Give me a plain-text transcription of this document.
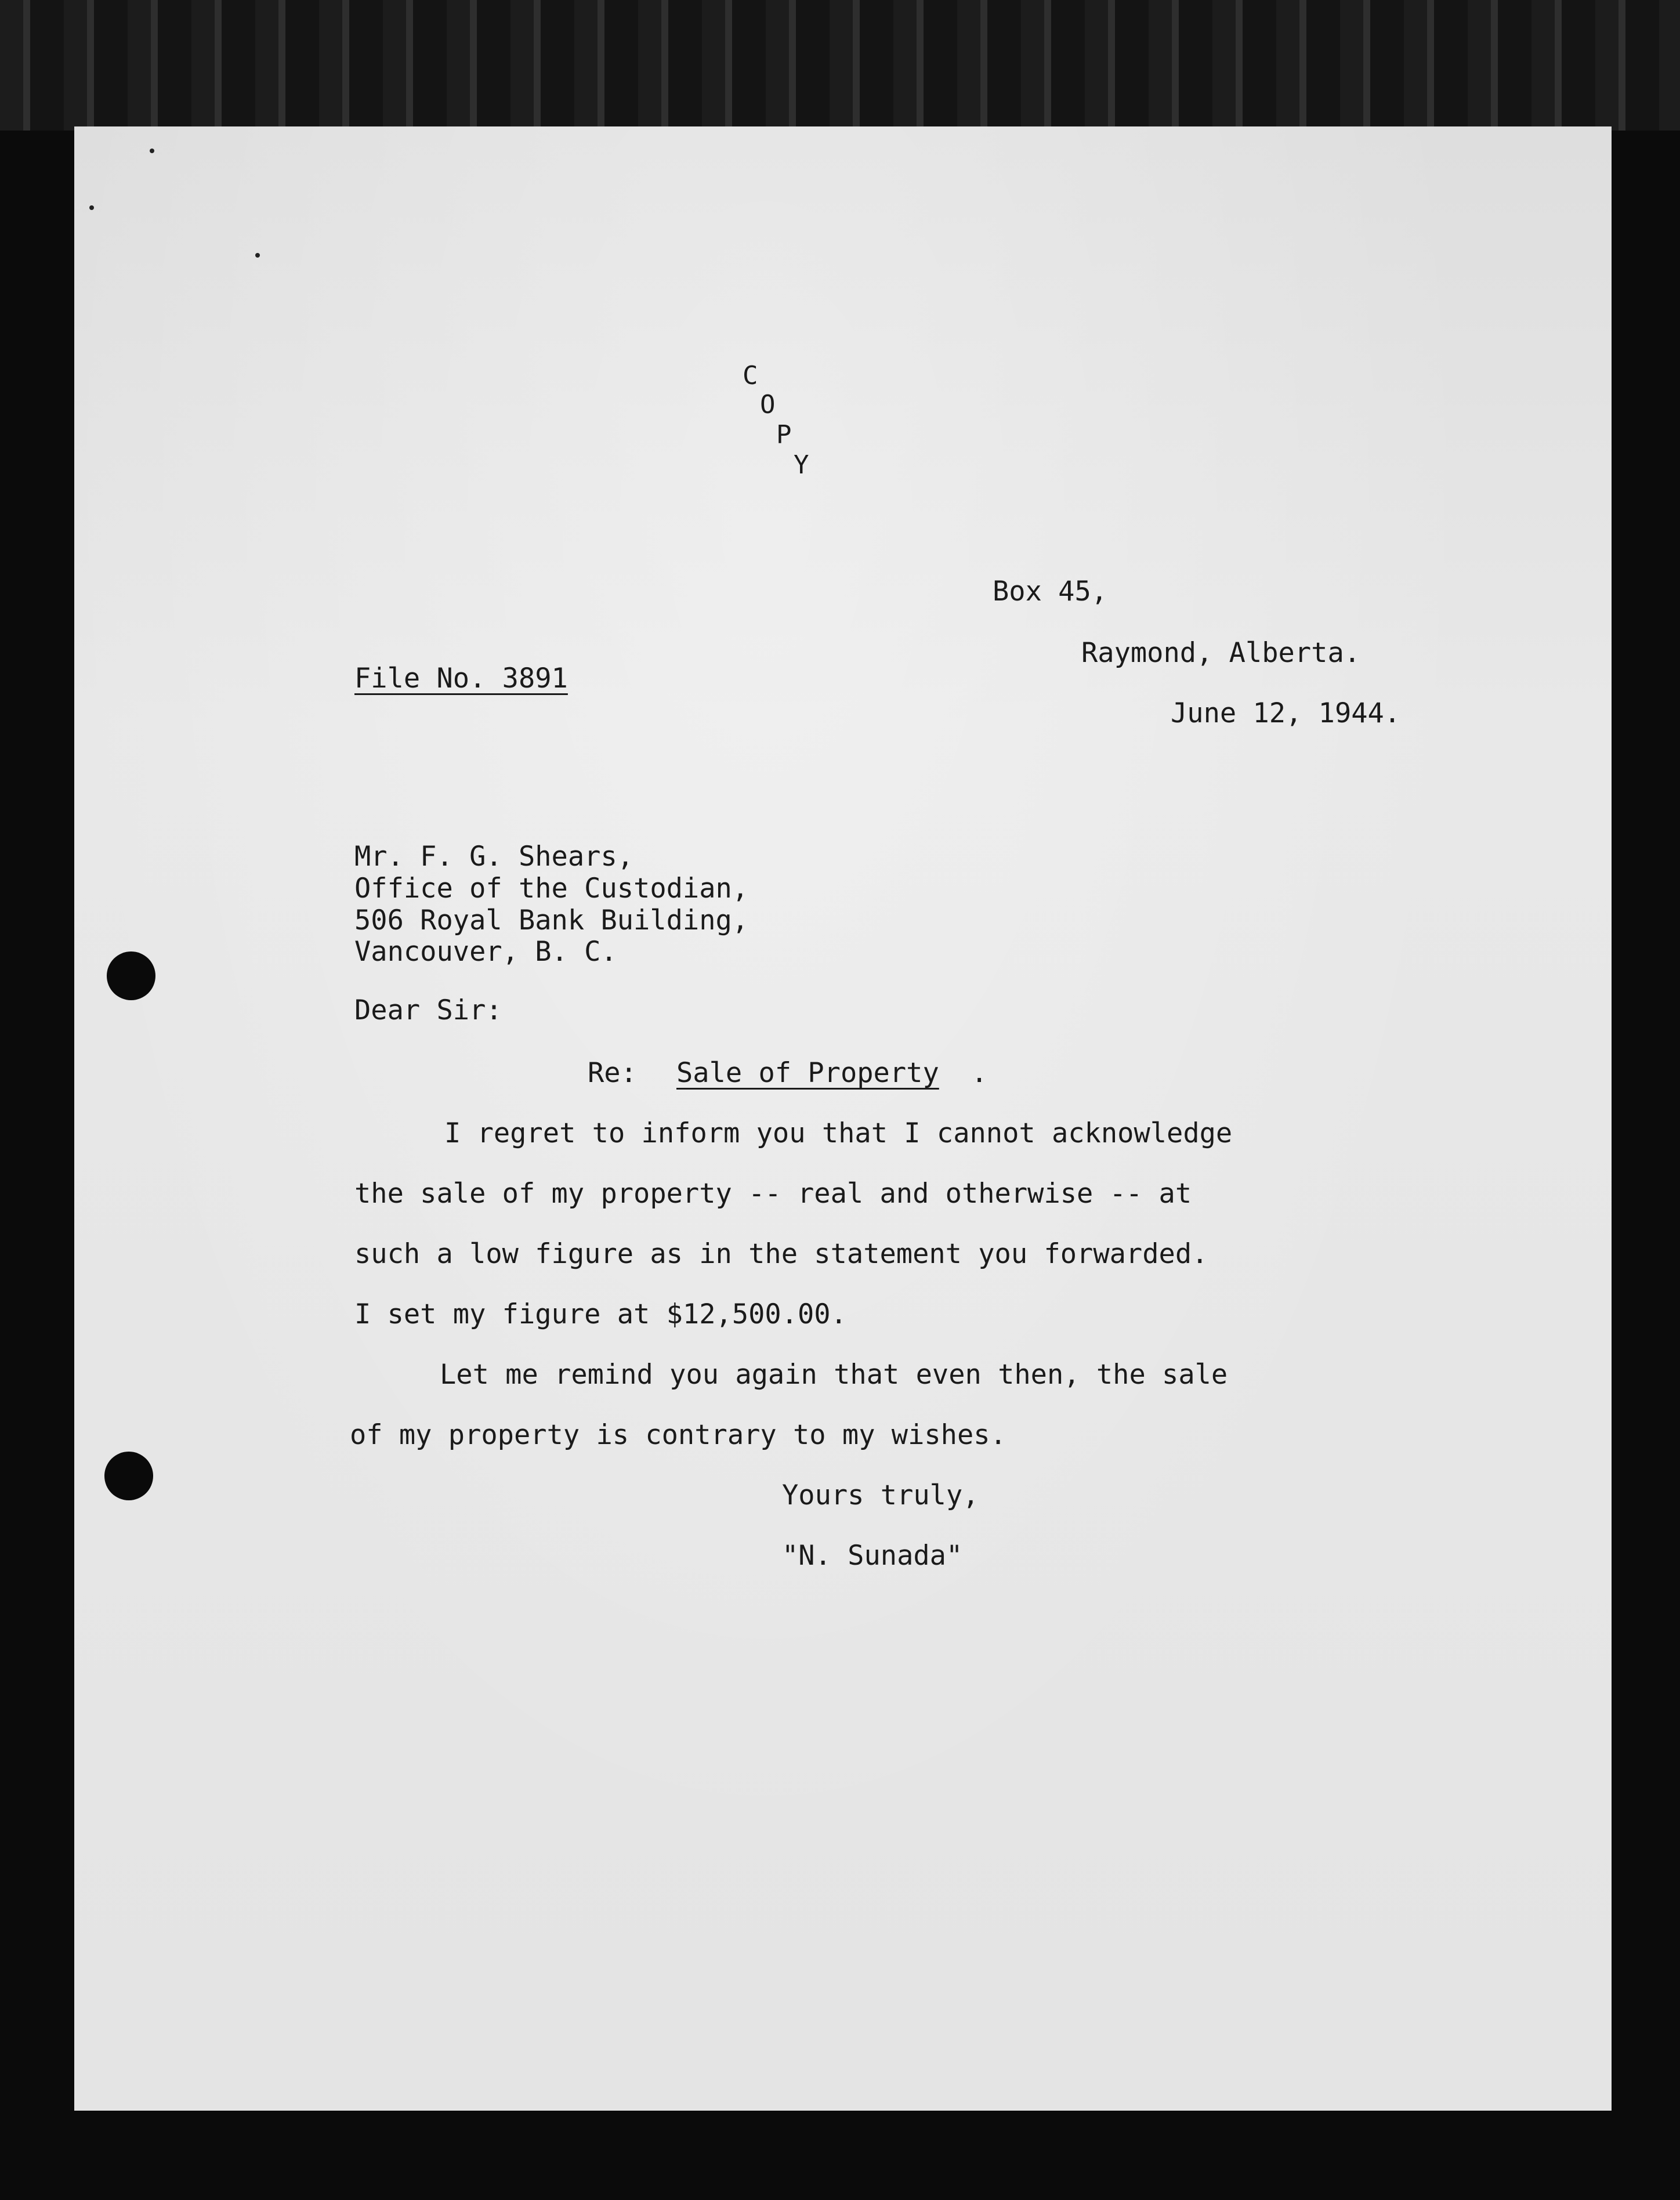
C
O
P
Y
Box 45,
Raymond, Alberta.
June 12, 1944.
File No. 3891
Mr. F. G. Shears,
Office of the Custodian,
506 Royal Bank Building,
Vancouver, B. C.
Dear Sir:
Re: Sale of Property .
I regret to inform you that I cannot acknowledge
the sale of my property -- real and otherwise -- at
such a low figure as in the statement you forwarded.
I set my figure at $12,500.00.
Let me remind you again that even then, the sale
of my property is contrary to my wishes.
Yours truly,
"N. Sunada"
